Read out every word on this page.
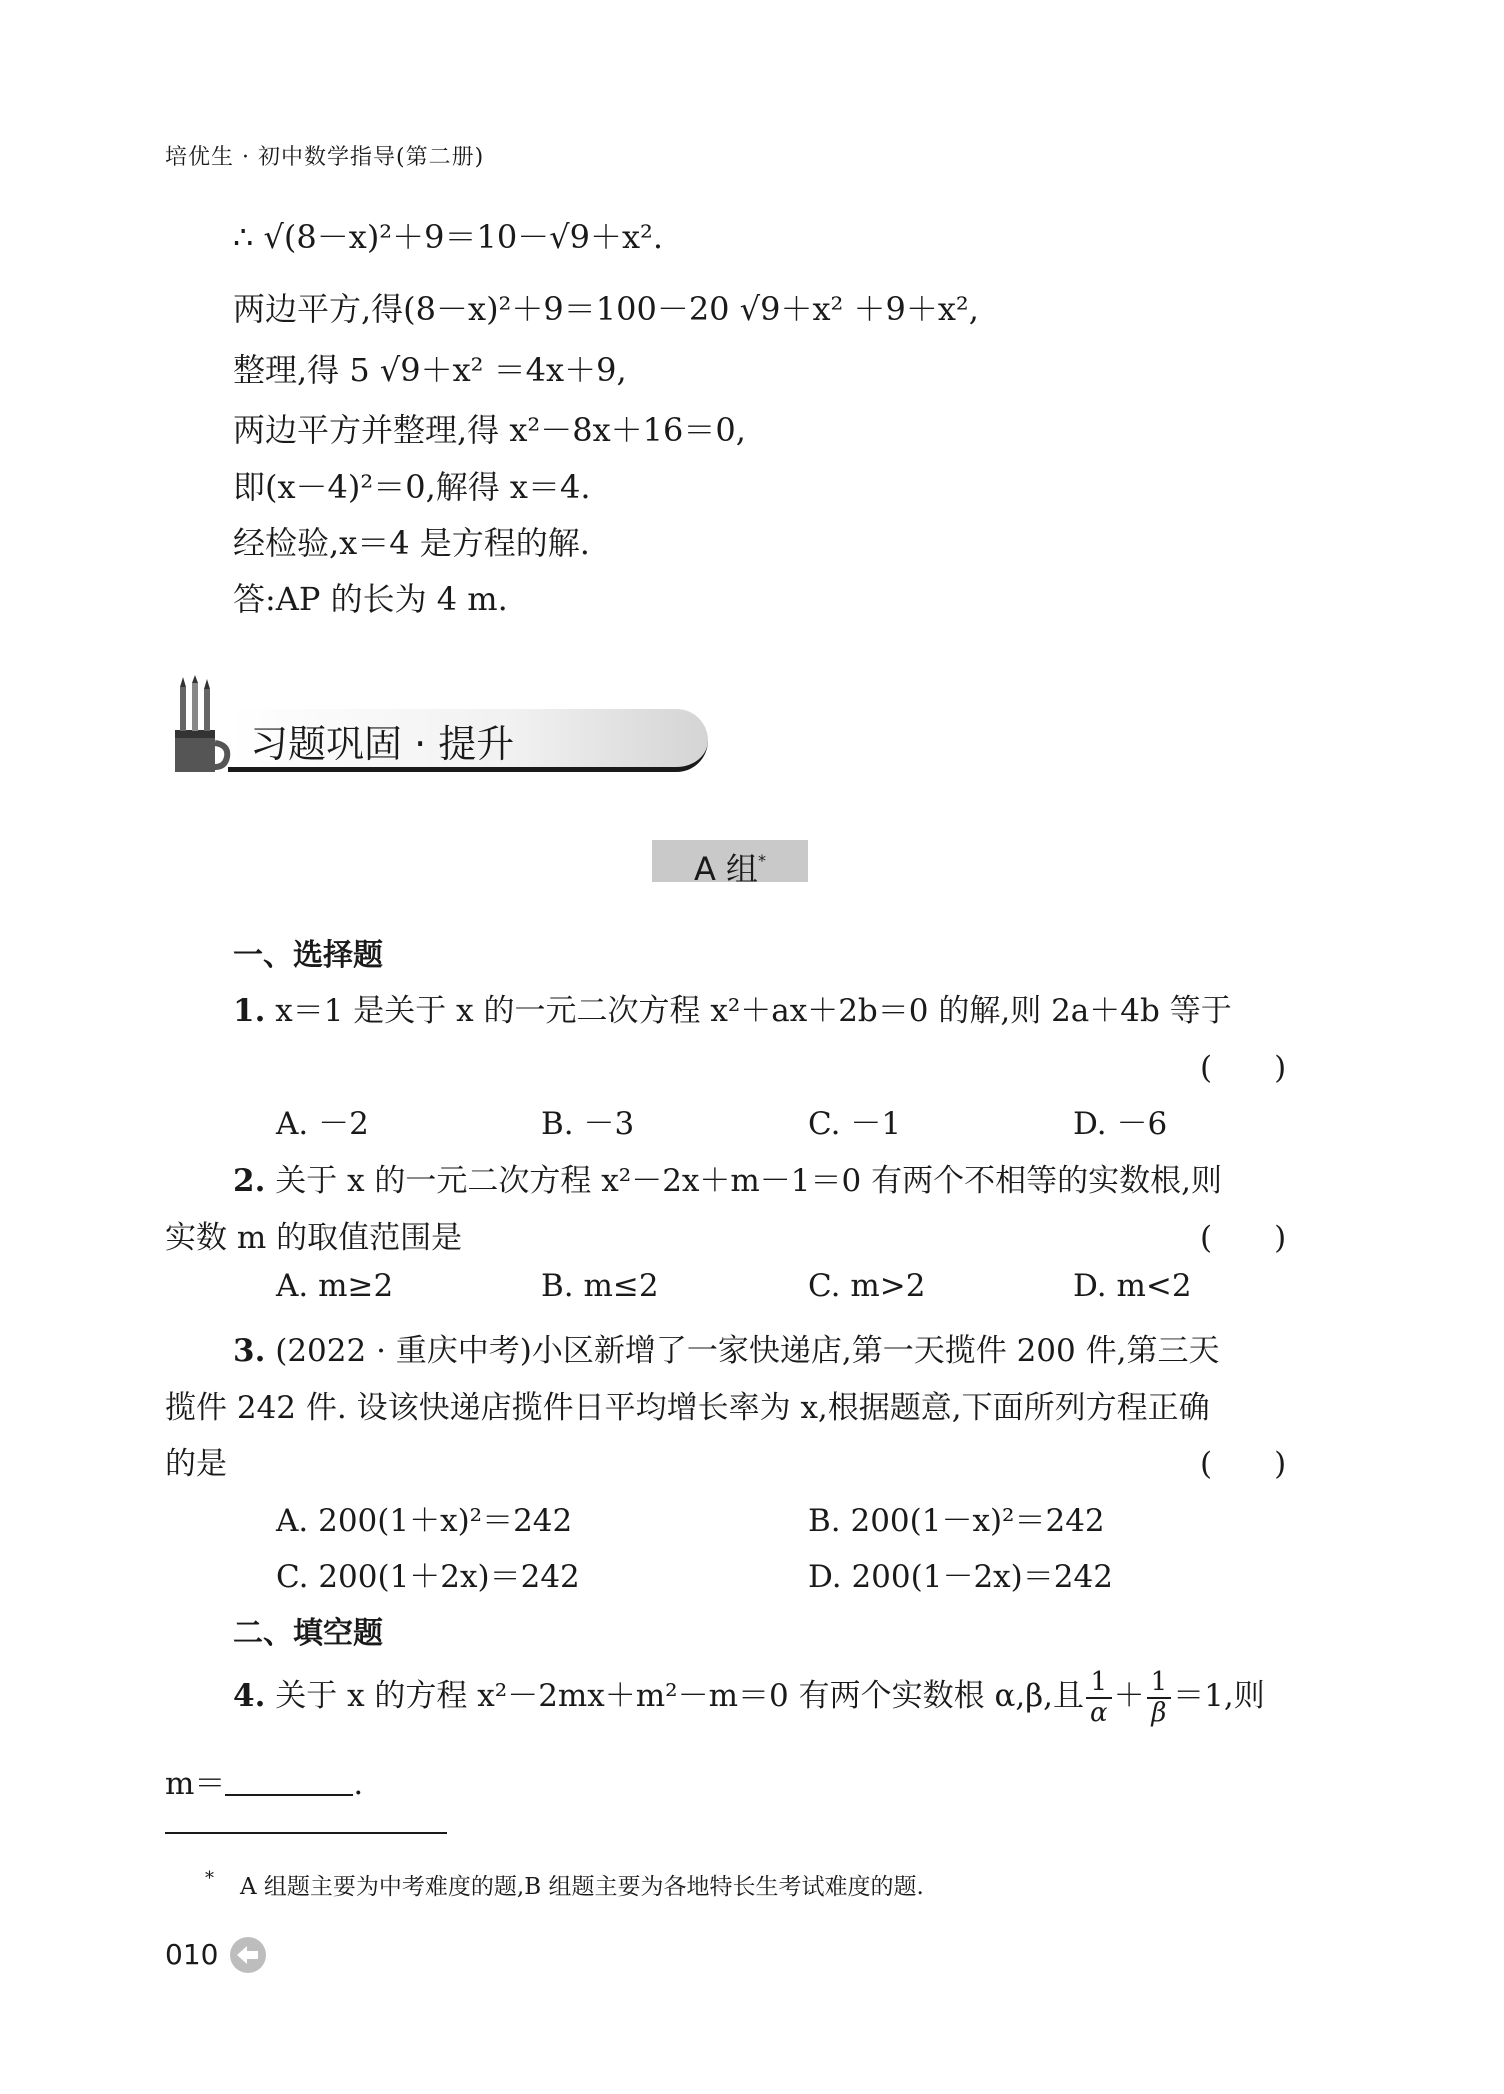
培优生 · 初中数学指导(第二册)
∴ √(8－x)²＋9＝10－√9＋x².
两边平方,得(8－x)²＋9＝100－20 √9＋x² ＋9＋x²,
整理,得 5 √9＋x² ＝4x＋9,
两边平方并整理,得 x²－8x＋16＝0,
即(x－4)²＝0,解得 x＝4.
经检验,x＝4 是方程的解.
答:AP 的长为 4 m.
习题巩固 · 提升
A 组*
一、选择题
1. x＝1 是关于 x 的一元二次方程 x²＋ax＋2b＝0 的解,则 2a＋4b 等于
(　　)
A. －2	B. －3	C. －1	D. －6
2. 关于 x 的一元二次方程 x²－2x＋m－1＝0 有两个不相等的实数根,则
实数 m 的取值范围是	(　　)
A. m≥2	B. m≤2	C. m>2	D. m<2
3. (2022 · 重庆中考)小区新增了一家快递店,第一天揽件 200 件,第三天
揽件 242 件. 设该快递店揽件日平均增长率为 x,根据题意,下面所列方程正确
的是	(　　)
A. 200(1＋x)²＝242	B. 200(1－x)²＝242
C. 200(1＋2x)＝242	D. 200(1－2x)＝242
二、填空题
4. 关于 x 的方程 x²－2mx＋m²－m＝0 有两个实数根 α,β,且 $\frac{1}{\alpha} + \frac{1}{\beta} =1$,则
m＝	.
* A 组题主要为中考难度的题,B 组题主要为各地特长生考试难度的题.
010
